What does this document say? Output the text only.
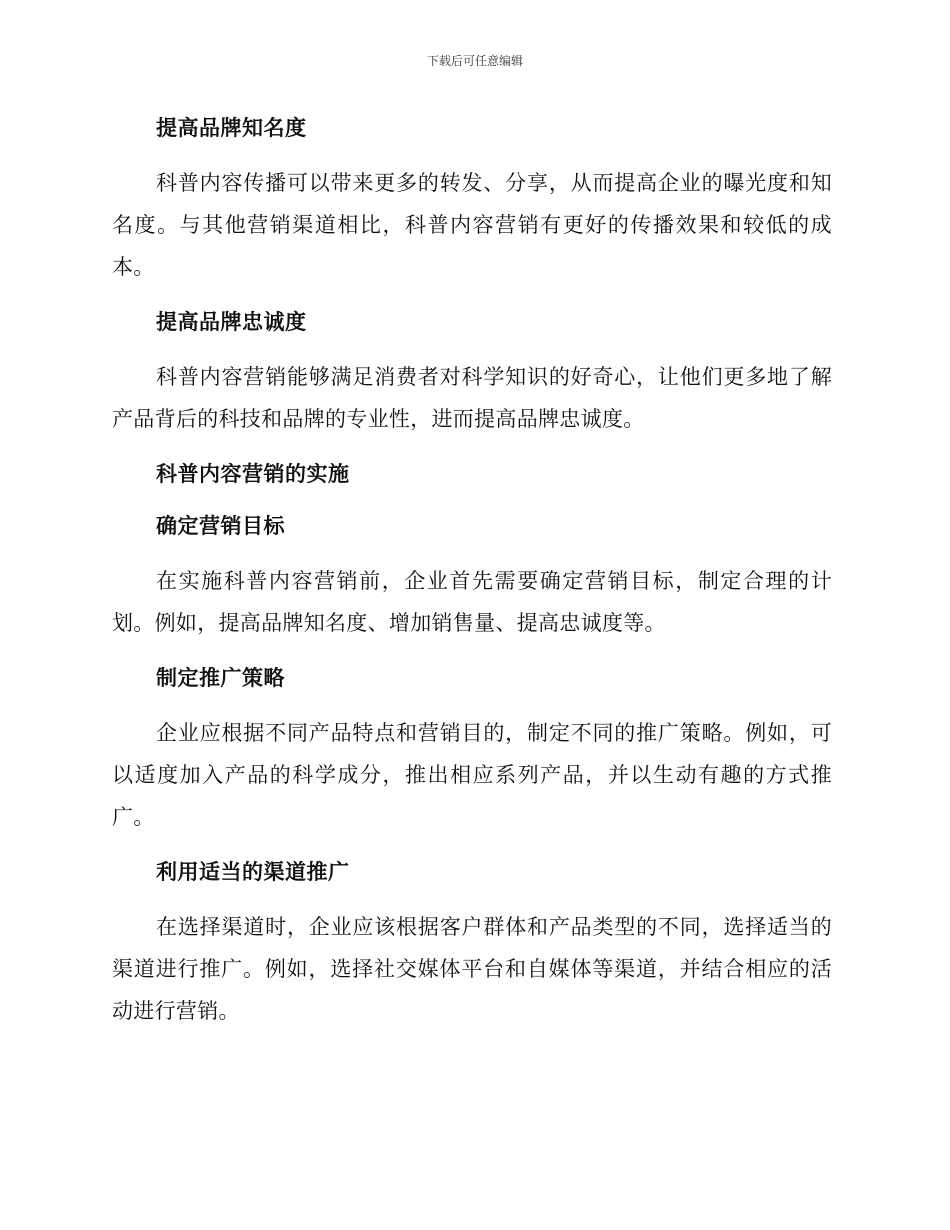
下载后可任意编辑
提高品牌知名度

科普内容传播可以带来更多的转发、分享，从而提高企业的曝光度和知名度。与其他营销渠道相比，科普内容营销有更好的传播效果和较低的成本。

提高品牌忠诚度

科普内容营销能够满足消费者对科学知识的好奇心，让他们更多地了解产品背后的科技和品牌的专业性，进而提高品牌忠诚度。

科普内容营销的实施
确定营销目标

在实施科普内容营销前，企业首先需要确定营销目标，制定合理的计划。例如，提高品牌知名度、增加销售量、提高忠诚度等。

制定推广策略

企业应根据不同产品特点和营销目的，制定不同的推广策略。例如，可以适度加入产品的科学成分，推出相应系列产品，并以生动有趣的方式推广。

利用适当的渠道推广

在选择渠道时，企业应该根据客户群体和产品类型的不同，选择适当的渠道进行推广。例如，选择社交媒体平台和自媒体等渠道，并结合相应的活动进行营销。
